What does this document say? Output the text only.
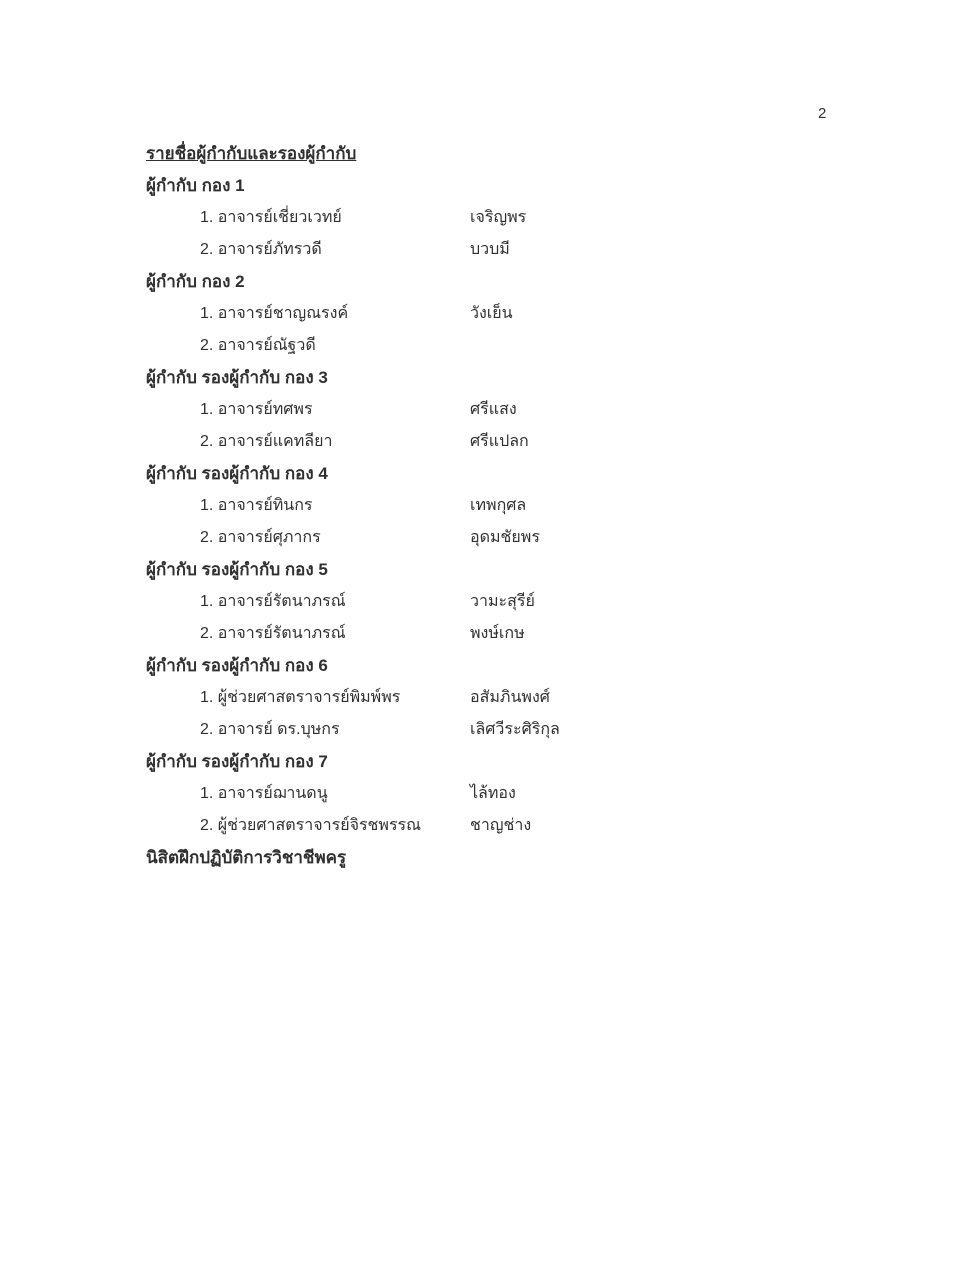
2
รายชื่อผู้กำกับและรองผู้กำกับ
ผู้กำกับ กอง 1
1. อาจารย์เชี่ยวเวทย์	เจริญพร
2. อาจารย์ภัทรวดี	บวบมี
ผู้กำกับ กอง 2
1. อาจารย์ชาญณรงค์	วังเย็น
2. อาจารย์ณัฐวดี
ผู้กำกับ รองผู้กำกับ กอง 3
1. อาจารย์ทศพร	ศรีแสง
2. อาจารย์แคทลียา	ศรีแปลก
ผู้กำกับ รองผู้กำกับ กอง 4
1. อาจารย์ทินกร	เทพกุศล
2. อาจารย์ศุภากร	อุดมชัยพร
ผู้กำกับ รองผู้กำกับ กอง 5
1. อาจารย์รัตนาภรณ์	วามะสุรีย์
2. อาจารย์รัตนาภรณ์	พงษ์เกษ
ผู้กำกับ รองผู้กำกับ กอง 6
1. ผู้ช่วยศาสตราจารย์พิมพ์พร	อสัมภินพงศ์
2. อาจารย์ ดร.บุษกร	เลิศวีระศิริกุล
ผู้กำกับ รองผู้กำกับ กอง 7
1. อาจารย์ฌานดนู	ไล้ทอง
2. ผู้ช่วยศาสตราจารย์จิรชพรรณ	ชาญช่าง
นิสิตฝึกปฏิบัติการวิชาชีพครู
